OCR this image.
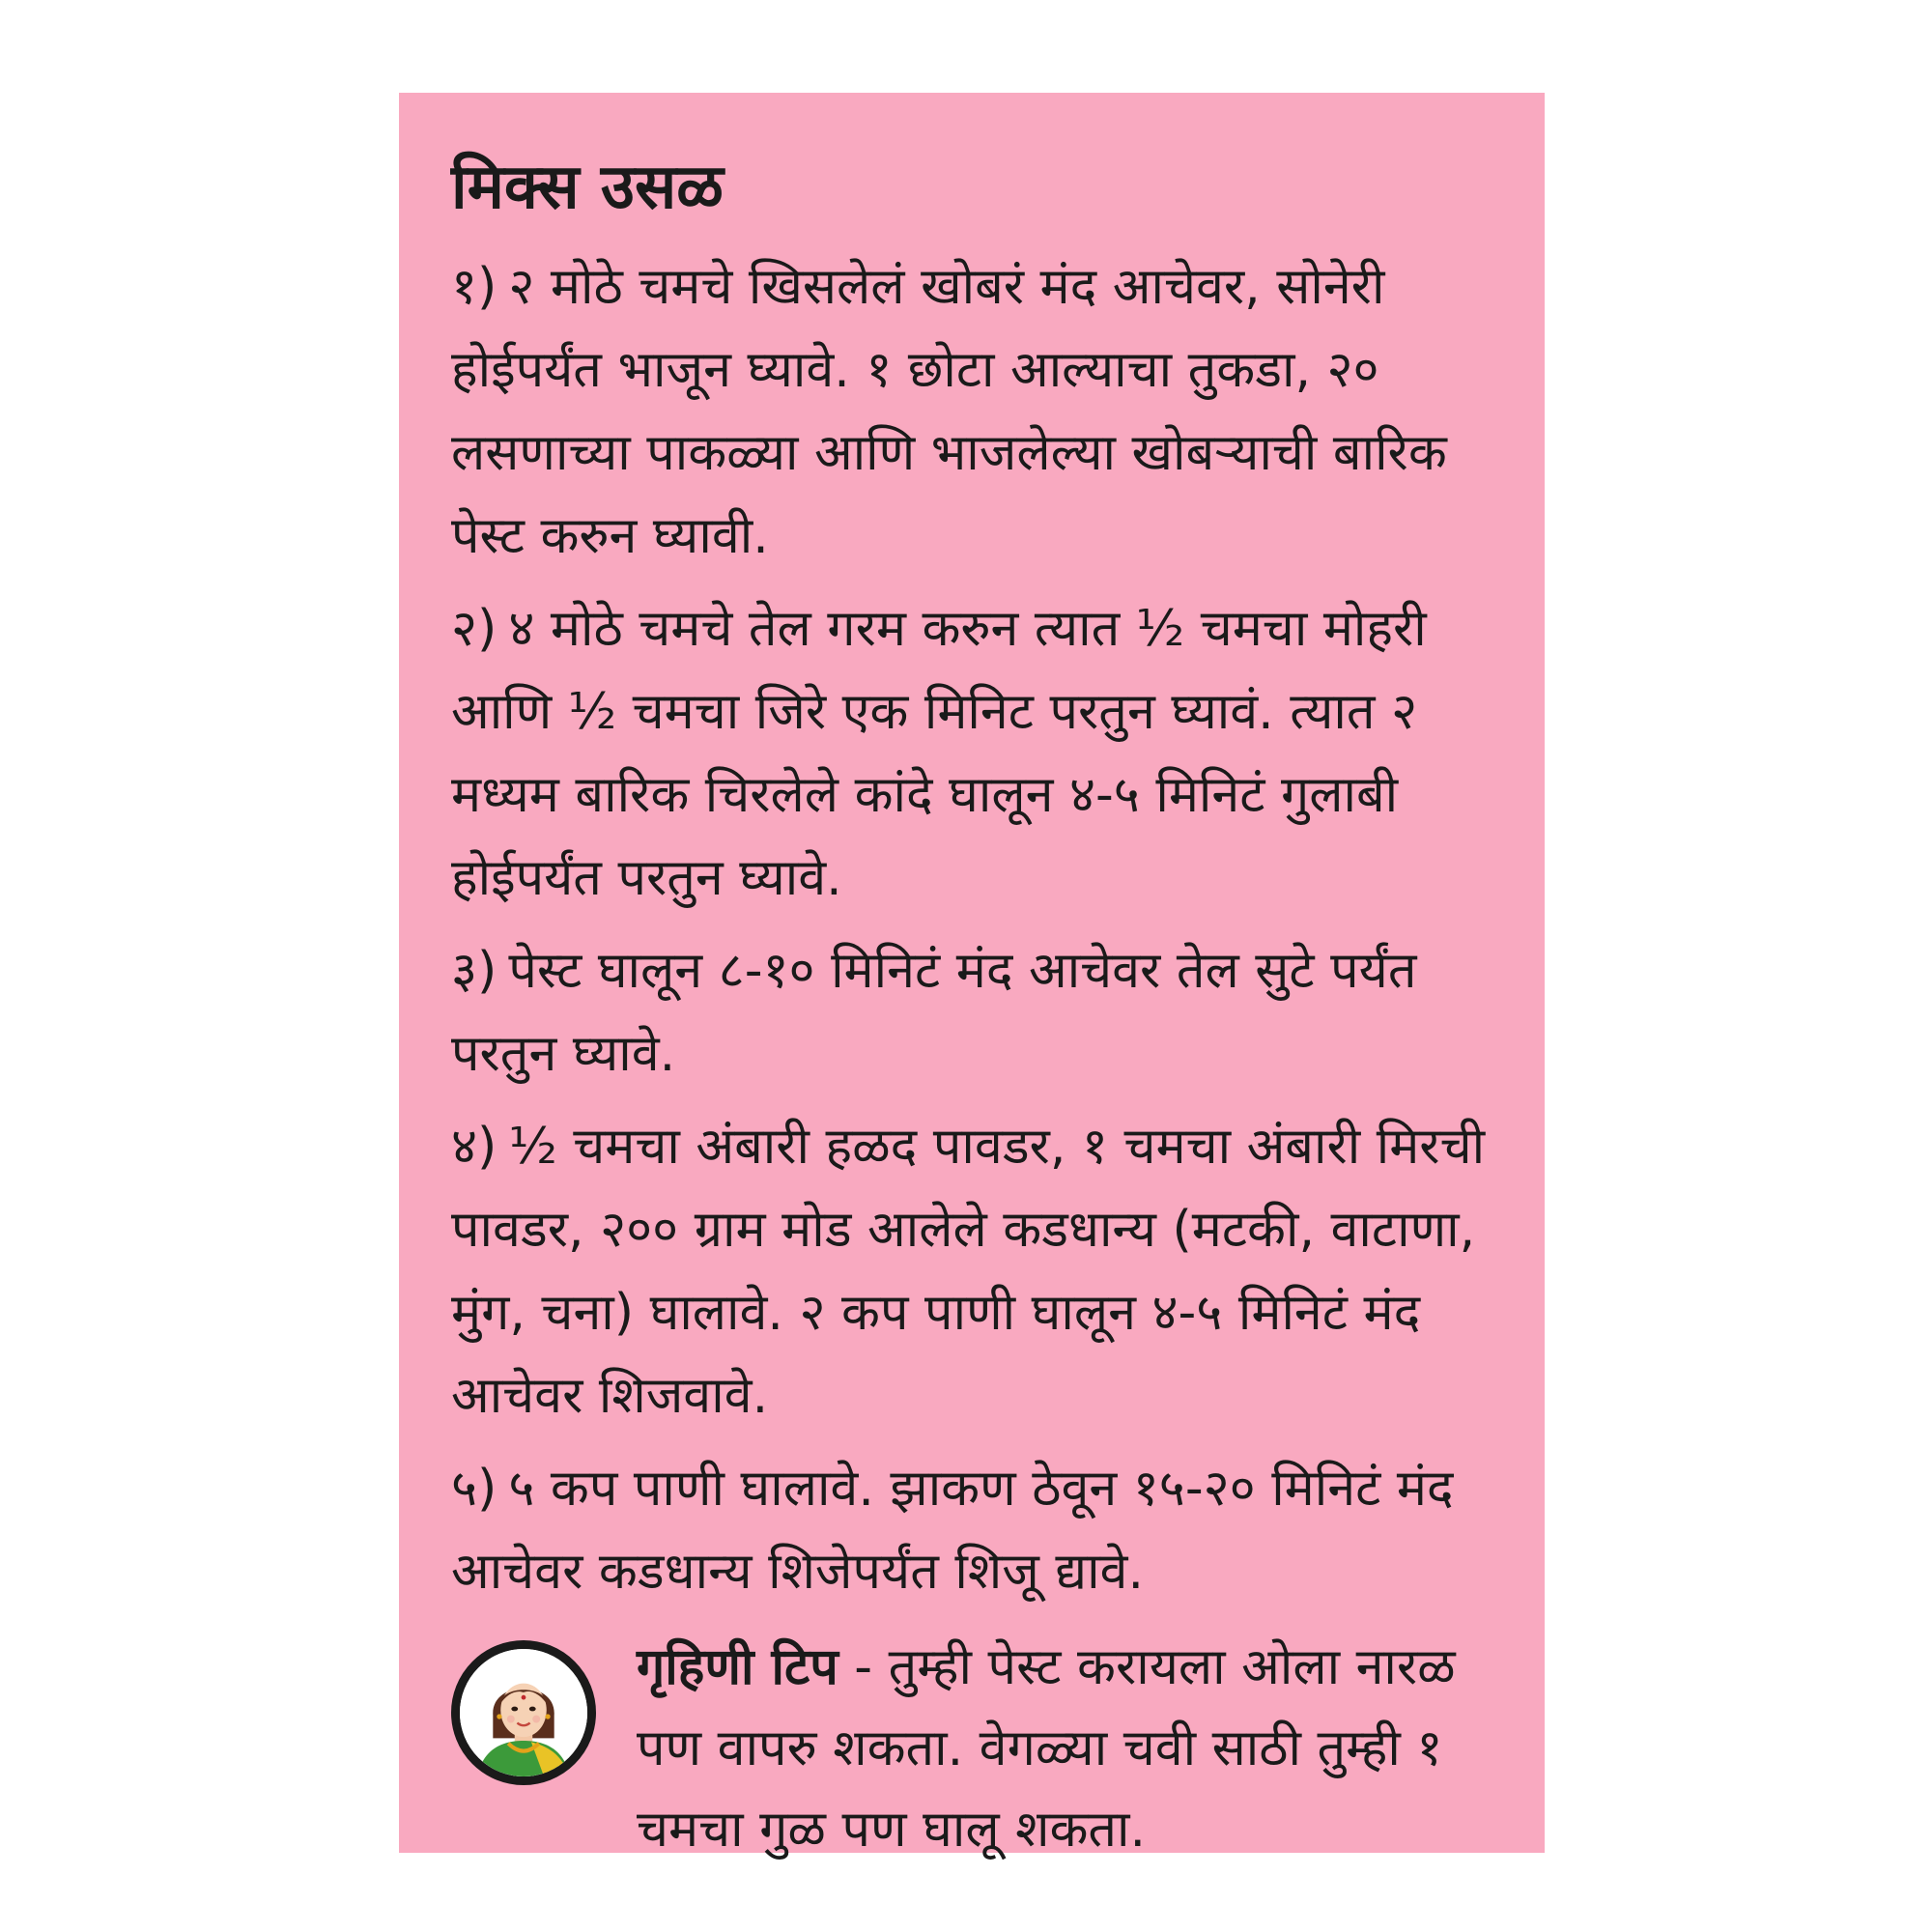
मिक्स उसळ

१) २ मोठे चमचे खिसलेलं खोबरं मंद आचेवर, सोनेरी होईपर्यंत भाजून घ्यावे. १ छोटा आल्याचा तुकडा, २० लसणाच्या पाकळ्या आणि भाजलेल्या खोबऱ्याची बारिक पेस्ट करुन घ्यावी.

२) ४ मोठे चमचे तेल गरम करुन त्यात ½ चमचा मोहरी आणि ½ चमचा जिरे एक मिनिट परतुन घ्यावं. त्यात २ मध्यम बारिक चिरलेले कांदे घालून ४-५ मिनिटं गुलाबी होईपर्यंत परतुन घ्यावे.

३) पेस्ट घालून ८-१० मिनिटं मंद आचेवर तेल सुटे पर्यंत परतुन घ्यावे.

४) ½ चमचा अंबारी हळद पावडर, १ चमचा अंबारी मिरची पावडर, २०० ग्राम मोड आलेले कडधान्य (मटकी, वाटाणा, मुंग, चना) घालावे. २ कप पाणी घालून ४-५ मिनिटं मंद आचेवर शिजवावे.

५) ५ कप पाणी घालावे. झाकण ठेवून १५-२० मिनिटं मंद आचेवर कडधान्य शिजेपर्यंत शिजू द्यावे.

गृहिणी टिप - तुम्ही पेस्ट करायला ओला नारळ पण वापरु शकता. वेगळ्या चवी साठी तुम्ही १ चमचा गुळ पण घालू शकता.
